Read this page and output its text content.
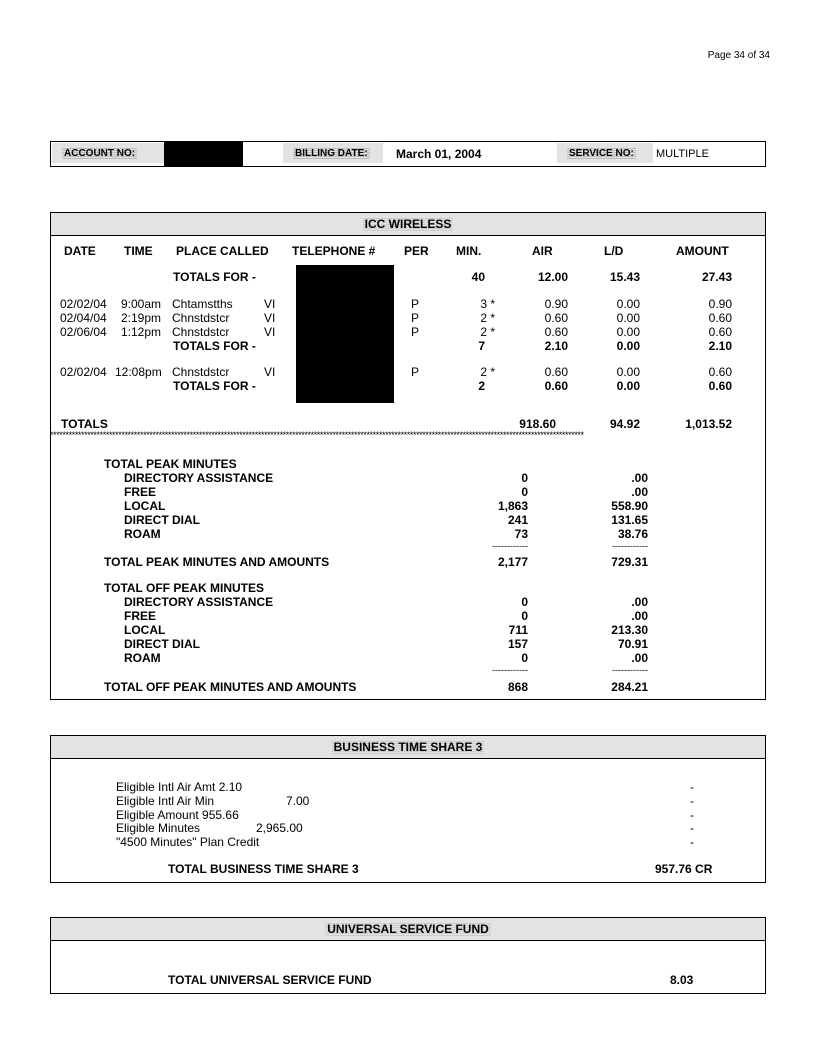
Page 34 of 34
ACCOUNT NO:	BILLING DATE: March 01, 2004	SERVICE NO: MULTIPLE
ICC WIRELESS
DATE TIME PLACE CALLED TELEPHONE # PER MIN.	AIR	L/D	AMOUNT
TOTALS FOR -	40	12.00	15.43	27.43
02/02/04 9:00am Chtamstths	VI	P	3 *	0.90	0.00	0.90
02/04/04 2:19pm Chnstdstcr	VI	P	2 *	0.60	0.00	0.60
02/06/04 1:12pm Chnstdstcr	VI	P	2 *	0.60	0.00	0.60
TOTALS FOR -	7	2.10	0.00	2.10
02/02/04 12:08pm Chnstdstcr	VI	P	2 *	0.60	0.00	0.60
TOTALS FOR -	2	0.60	0.00	0.60
TOTALS	918.60	94.92	1,013.52
****************************************************************************************************************************************************************************
TOTAL PEAK MINUTES
DIRECTORY ASSISTANCE	0	.00
FREE	0	.00
LOCAL	1,863	558.90
DIRECT DIAL	241	131.65
ROAM	73	38.76
------------	------------
TOTAL PEAK MINUTES AND AMOUNTS	2,177	729.31
TOTAL OFF PEAK MINUTES
DIRECTORY ASSISTANCE	0	.00
FREE	0	.00
LOCAL	711	213.30
DIRECT DIAL	157	70.91
ROAM	0	.00
------------	------------
TOTAL OFF PEAK MINUTES AND AMOUNTS	868	284.21
BUSINESS TIME SHARE 3
Eligible Intl Air Amt 2.10	-
Eligible Intl Air Min	7.00	-
Eligible Amount 955.66	-
Eligible Minutes	2,965.00	-
"4500 Minutes" Plan Credit	-
TOTAL BUSINESS TIME SHARE 3	957.76 CR
UNIVERSAL SERVICE FUND
TOTAL UNIVERSAL SERVICE FUND	8.03
